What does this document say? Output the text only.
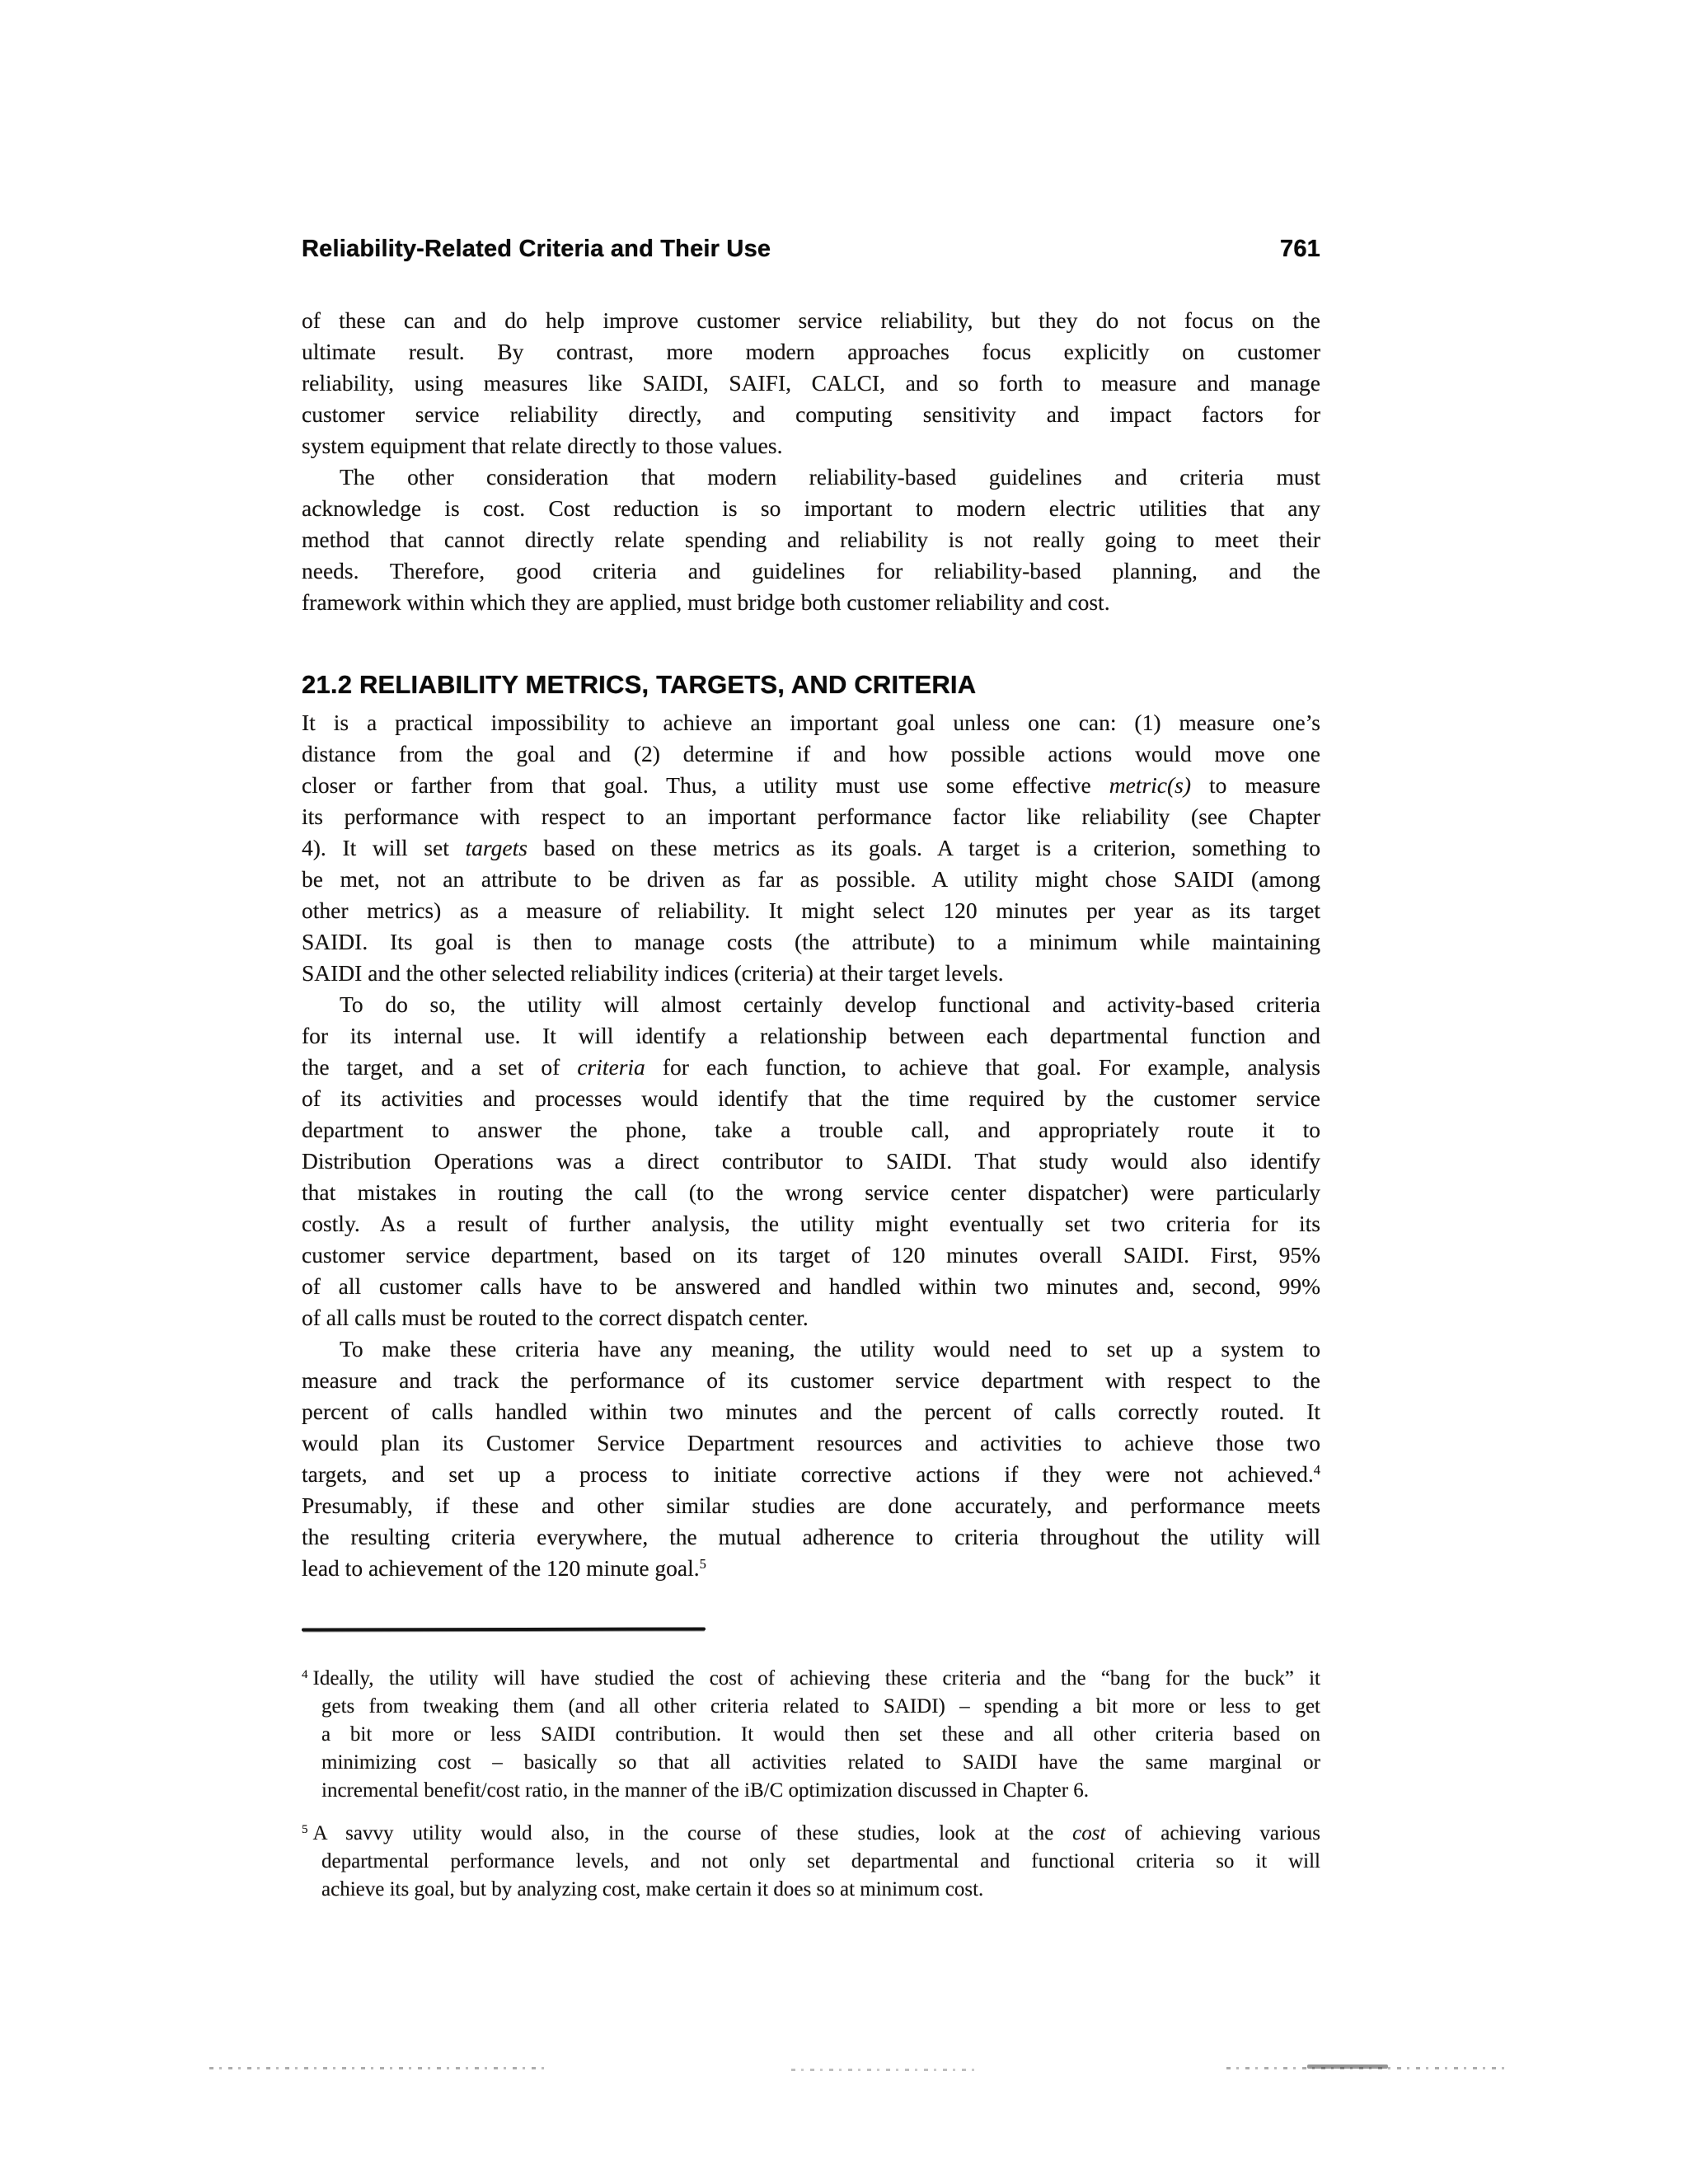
Reliability-Related Criteria and Their Use	761
of these can and do help improve customer service reliability, but they do not focus on the
ultimate result. By contrast, more modern approaches focus explicitly on customer
reliability, using measures like SAIDI, SAIFI, CALCI, and so forth to measure and manage
customer service reliability directly, and computing sensitivity and impact factors for
system equipment that relate directly to those values.
The other consideration that modern reliability-based guidelines and criteria must
acknowledge is cost. Cost reduction is so important to modern electric utilities that any
method that cannot directly relate spending and reliability is not really going to meet their
needs. Therefore, good criteria and guidelines for reliability-based planning, and the
framework within which they are applied, must bridge both customer reliability and cost.
21.2 RELIABILITY METRICS, TARGETS, AND CRITERIA
It is a practical impossibility to achieve an important goal unless one can: (1) measure one’s
distance from the goal and (2) determine if and how possible actions would move one
closer or farther from that goal. Thus, a utility must use some effective metric(s) to measure
its performance with respect to an important performance factor like reliability (see Chapter
4). It will set targets based on these metrics as its goals. A target is a criterion, something to
be met, not an attribute to be driven as far as possible. A utility might chose SAIDI (among
other metrics) as a measure of reliability. It might select 120 minutes per year as its target
SAIDI. Its goal is then to manage costs (the attribute) to a minimum while maintaining
SAIDI and the other selected reliability indices (criteria) at their target levels.
To do so, the utility will almost certainly develop functional and activity-based criteria
for its internal use. It will identify a relationship between each departmental function and
the target, and a set of criteria for each function, to achieve that goal. For example, analysis
of its activities and processes would identify that the time required by the customer service
department to answer the phone, take a trouble call, and appropriately route it to
Distribution Operations was a direct contributor to SAIDI. That study would also identify
that mistakes in routing the call (to the wrong service center dispatcher) were particularly
costly. As a result of further analysis, the utility might eventually set two criteria for its
customer service department, based on its target of 120 minutes overall SAIDI. First, 95%
of all customer calls have to be answered and handled within two minutes and, second, 99%
of all calls must be routed to the correct dispatch center.
To make these criteria have any meaning, the utility would need to set up a system to
measure and track the performance of its customer service department with respect to the
percent of calls handled within two minutes and the percent of calls correctly routed. It
would plan its Customer Service Department resources and activities to achieve those two
targets, and set up a process to initiate corrective actions if they were not achieved.$^4$
Presumably, if these and other similar studies are done accurately, and performance meets
the resulting criteria everywhere, the mutual adherence to criteria throughout the utility will
lead to achievement of the 120 minute goal.$^5$
$^4$ Ideally, the utility will have studied the cost of achieving these criteria and the “bang for the buck” it
gets from tweaking them (and all other criteria related to SAIDI) – spending a bit more or less to get
a bit more or less SAIDI contribution. It would then set these and all other criteria based on
minimizing cost – basically so that all activities related to SAIDI have the same marginal or
incremental benefit/cost ratio, in the manner of the iB/C optimization discussed in Chapter 6.
$^5$ A savvy utility would also, in the course of these studies, look at the cost of achieving various
departmental performance levels, and not only set departmental and functional criteria so it will
achieve its goal, but by analyzing cost, make certain it does so at minimum cost.
